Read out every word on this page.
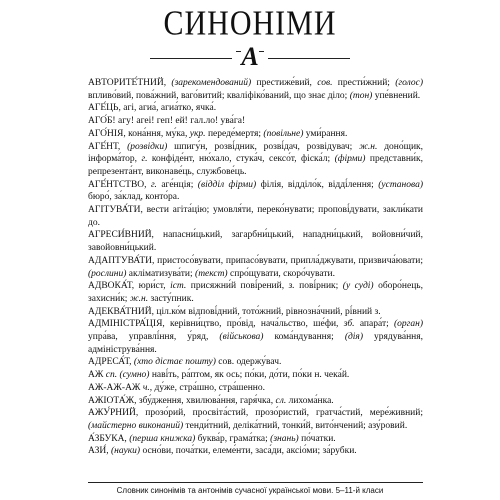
СИНОНІМИ
А

АВТОРИТЕ́ТНИЙ, (зарекомендований) престиже́вий, сов. прести́жний; (голос) впливо́вий, пова́жний, ваго́витий; кваліфіко́ваний, що знає діло; (тон) упе́внений.

АГЕ́ЦЬ, агі, агиа́, агиа́тко, ячка́.

АГО́Б! агу! агеі! геп! ей! гал.ло! ува́га!

АГО́НІЯ, кона́ння, му́ка, укр. переде́мертя; (повільне) уми́рання.

АГЕ́НТ, (розвідки) шпигу́н, розві́дник, розві́дач, розвідувач; ж.н. доно́щик, інформа́тор, г. конфіде́нт, ню́хало, стука́ч, сексо́т, фіска́л; (фірми) представни́к, репрезента́нт, виконаве́ць, службове́ць.

АГЕ́НТСТВО, г. аге́нція; (відділ фірми) філія, відділо́к, відді́лення; (установа) бюро́, за́клад, конто́ра.

АГІТУВА́ТИ, вести агіта́цію; умовля́ти, переко́нувати; пропові́дувати, закли́кати до.

АГРЕСИ́ВНИЙ, напасни́цький, загарбни́цький, нападни́цький, войовни́чий, завойовни́цький.

АДАПТУВА́ТИ, пристосо́вувати, припасо́вувати, припла́джувати, призвича́ювати; (рослини) акліматизува́ти; (текст) спро́щувати, скоро́чувати.

АДВОКА́Т, юри́ст, іст. присяжни́й пові́рений, з. пові́рник; (у суді) оборо́нець, захисни́к; ж.н. засту́пник.

АДЕКВА́ТНИЙ, ціл.ко́м відпові́дний, тото́жний, рівнозна́чний, рі́вний з.

АДМІНІСТРА́ЦІЯ, керівни́цтво, про́від, нача́льство, ше́фи, зб. апара́т; (орган) упра́ва, управлі́ння, у́ряд, (військова) кома́ндування; (дія) урядува́ння, адмініструва́ння.

АДРЕСА́Т, (хто дістає пошту) сов. одержу́вач.

АЖ сп. (сумно) наві́ть, ра́птом, як ось; по́ки, до́ти, по́ки н. чека́й.

АЖ-АЖ-АЖ ч., ду́же, стра́шно, стра́шенно.

АЖІОТА́Ж, збу́дження, хвилюва́ння, гаря́чка, сл. лихома́нка.

АЖУ́РНИЙ, прозо́рий, просвіта́стий, прозо́ристий, гратча́стий, мере́живний; (майстерно виконаний) тенди́тний, деліка́тний, тонки́й, вито́нчений; азу́ровий.

А́ЗБУКА, (перша книжка) буква́р, грама́тка; (знань) по́чатки.

АЗИ́, (науки) осно́ви, поча́тки, елеме́нти, заса́ди, аксіо́ми; за́рубки.

Словник синонімів та антонімів сучасної української мови. 5–11-й класи
